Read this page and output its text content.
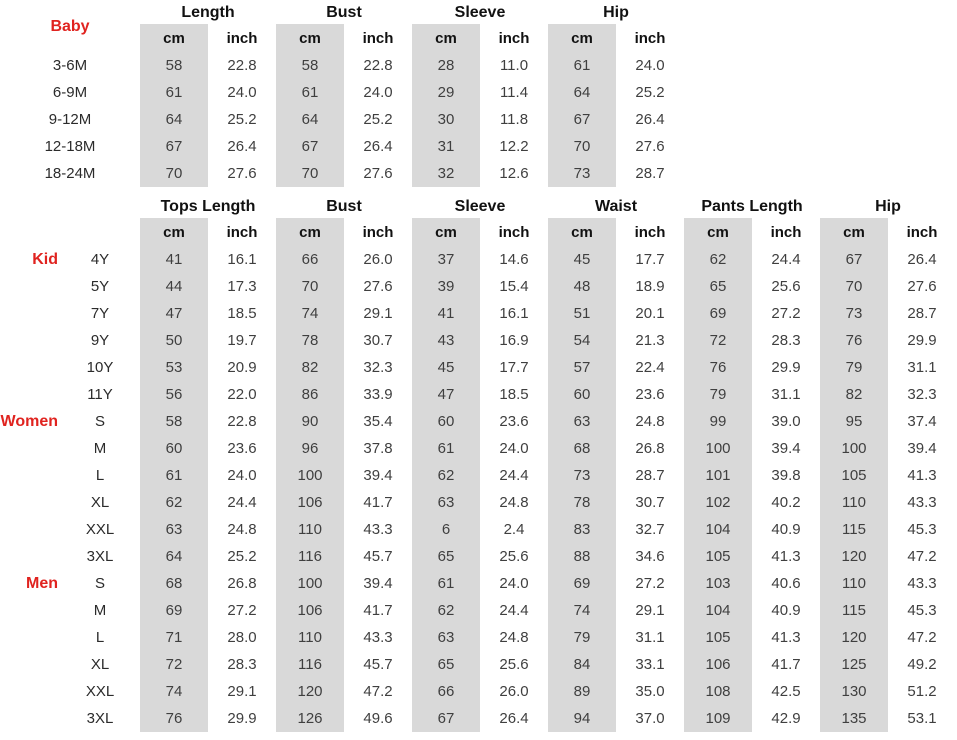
Baby	Length		Bust		Sleeve		Hip	
	cm	inch	cm	inch	cm	inch	cm	inch
3-6M	58	22.8	58	22.8	28	11.0	61	24.0
6-9M	61	24.0	61	24.0	29	11.4	64	25.2
9-12M	64	25.2	64	25.2	30	11.8	67	26.4
12-18M	67	26.4	67	26.4	31	12.2	70	27.6
18-24M	70	27.6	70	27.6	32	12.6	73	28.7
		Tops Length		Bust		Sleeve		Waist		Pants Length		Hip	
		cm	inch	cm	inch	cm	inch	cm	inch	cm	inch	cm	inch

Kid	4Y	41	16.1	66	26.0	37	14.6	45	17.7	62	24.4	67	26.4
	5Y	44	17.3	70	27.6	39	15.4	48	18.9	65	25.6	70	27.6
	7Y	47	18.5	74	29.1	41	16.1	51	20.1	69	27.2	73	28.7
	9Y	50	19.7	78	30.7	43	16.9	54	21.3	72	28.3	76	29.9
	10Y	53	20.9	82	32.3	45	17.7	57	22.4	76	29.9	79	31.1
	11Y	56	22.0	86	33.9	47	18.5	60	23.6	79	31.1	82	32.3

Women	S	58	22.8	90	35.4	60	23.6	63	24.8	99	39.0	95	37.4
	M	60	23.6	96	37.8	61	24.0	68	26.8	100	39.4	100	39.4
	L	61	24.0	100	39.4	62	24.4	73	28.7	101	39.8	105	41.3
	XL	62	24.4	106	41.7	63	24.8	78	30.7	102	40.2	110	43.3
	XXL	63	24.8	110	43.3	6	2.4	83	32.7	104	40.9	115	45.3
	3XL	64	25.2	116	45.7	65	25.6	88	34.6	105	41.3	120	47.2

Men	S	68	26.8	100	39.4	61	24.0	69	27.2	103	40.6	110	43.3
	M	69	27.2	106	41.7	62	24.4	74	29.1	104	40.9	115	45.3
	L	71	28.0	110	43.3	63	24.8	79	31.1	105	41.3	120	47.2
	XL	72	28.3	116	45.7	65	25.6	84	33.1	106	41.7	125	49.2
	XXL	74	29.1	120	47.2	66	26.0	89	35.0	108	42.5	130	51.2
	3XL	76	29.9	126	49.6	67	26.4	94	37.0	109	42.9	135	53.1
